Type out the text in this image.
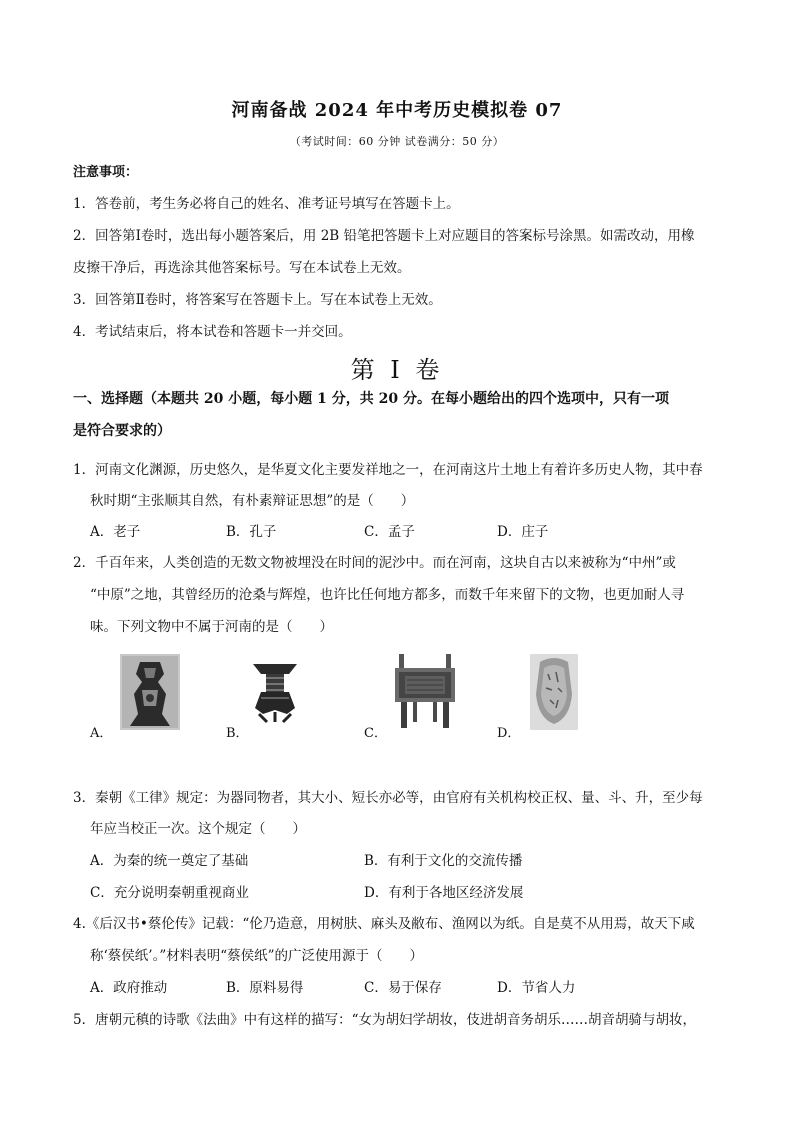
河南备战 2024 年中考历史模拟卷 07
（考试时间：60 分钟 试卷满分：50 分）
注意事项：
1．答卷前，考生务必将自己的姓名、准考证号填写在答题卡上。
2．回答第Ⅰ卷时，选出每小题答案后，用 2B 铅笔把答题卡上对应题目的答案标号涂黑。如需改动，用橡
皮擦干净后，再选涂其他答案标号。写在本试卷上无效。
3．回答第Ⅱ卷时，将答案写在答题卡上。写在本试卷上无效。
4．考试结束后，将本试卷和答题卡一并交回。
第 I 卷
一、选择题（本题共 20 小题，每小题 1 分，共 20 分。在每小题给出的四个选项中，只有一项
是符合要求的）
1．河南文化渊源，历史悠久，是华夏文化主要发祥地之一，在河南这片土地上有着许多历史人物，其中春
秋时期“主张顺其自然，有朴素辩证思想”的是（　　）
A．老子	B．孔子	C．孟子	D．庄子
2．千百年来，人类创造的无数文物被埋没在时间的泥沙中。而在河南，这块自古以来被称为“中州”或
“中原”之地，其曾经历的沧桑与辉煌，也许比任何地方都多，而数千年来留下的文物，也更加耐人寻
味。下列文物中不属于河南的是（　　）
A．	B．	C．	D．
3．秦朝《工律》规定：为器同物者，其大小、短长亦必等，由官府有关机构校正权、量、斗、升，至少每
年应当校正一次。这个规定（　　）
A．为秦的统一奠定了基础	B．有利于文化的交流传播
C．充分说明秦朝重视商业	D．有利于各地区经济发展
4.《后汉书•蔡伦传》记载：“伦乃造意，用树肤、麻头及敝布、渔网以为纸。自是莫不从用焉，故天下咸
称‘蔡侯纸’。”材料表明“蔡侯纸”的广泛使用源于（　　）
A．政府推动	B．原料易得	C．易于保存	D．节省人力
5．唐朝元稹的诗歌《法曲》中有这样的描写：“女为胡妇学胡妆，伎进胡音务胡乐……胡音胡骑与胡妆，
